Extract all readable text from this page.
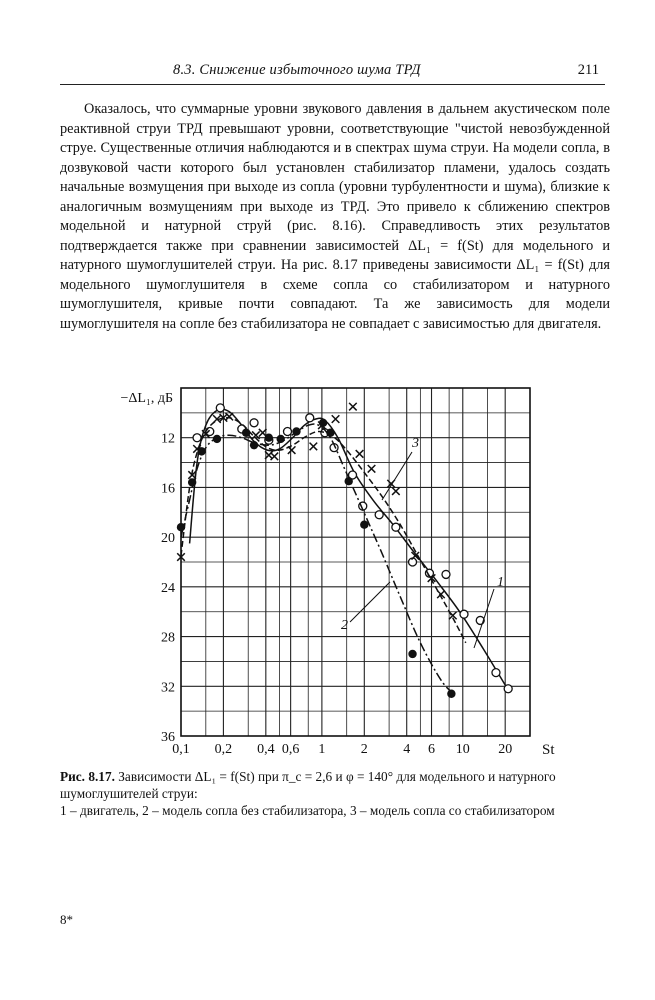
8.3. Снижение избыточного шума ТРД	211

Оказалось, что суммарные уровни звукового давления в дальнем акустическом поле реактивной струи ТРД превышают уровни, соответствующие "чистой невозбужденной струе. Существенные отличия наблюдаются и в спектрах шума струи. На модели сопла, в дозвуковой части которого был установлен стабилизатор пламени, удалось создать начальные возмущения при выходе из сопла (уровни турбулентности и шума), близкие к аналогичным возмущениям при выходе из ТРД. Это привело к сближению спектров модельной и натурной струй (рис. 8.16). Справедливость этих результатов подтверждается также при сравнении зависимостей ΔL₁ = f(St) для модельного и натурного шумоглушителей струи. На рис. 8.17 приведены зависимости ΔL₁ = f(St) для модельного шумоглушителя в схеме сопла со стабилизатором и натурного шумоглушителя, кривые почти совпадают. Та же зависимость для модели шумоглушителя на сопле без стабилизатора не совпадает с зависимостью для двигателя.

0,1 0,2 0,4 0,6 1	2	4 6 10 20
12
16
20
24
28
32
36
−ΔL₁, дБ
St
1
2
3
Рис. 8.17. Зависимости ΔL₁ = f(St) при π_c = 2,6 и φ = 140° для модельного и натурного шумоглушителей струи:
1 – двигатель, 2 – модель сопла без стабилизатора, 3 – модель сопла со стабилизатором
8*
